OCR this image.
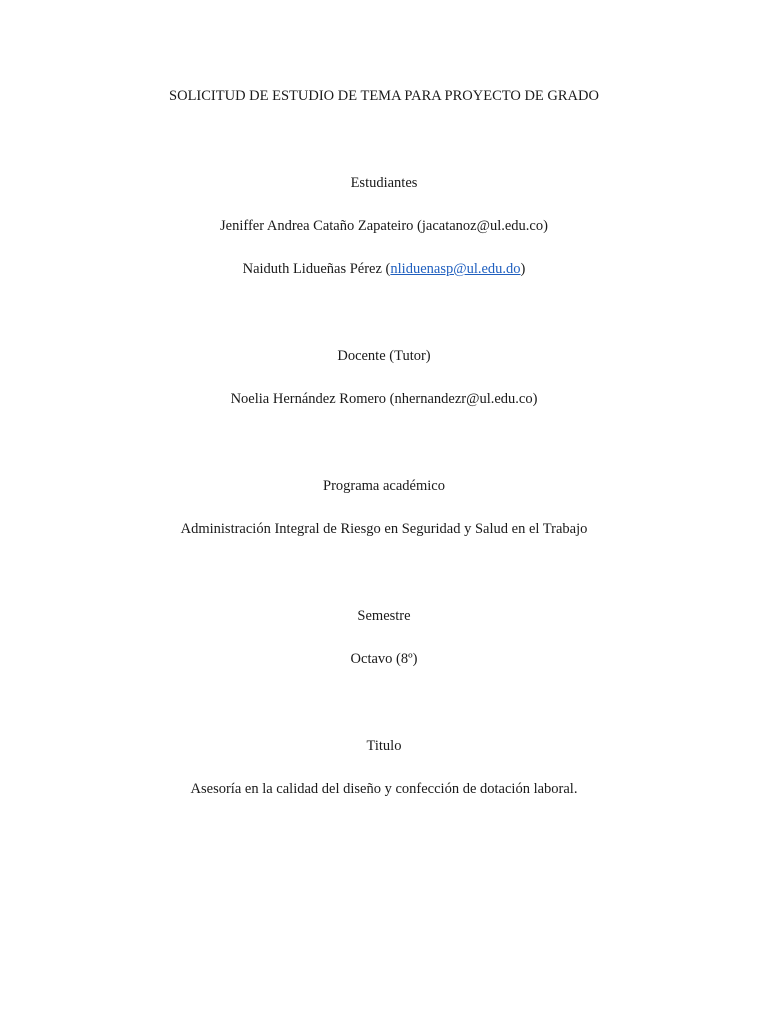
SOLICITUD DE ESTUDIO DE TEMA PARA PROYECTO DE GRADO
Estudiantes
Jeniffer Andrea Cataño Zapateiro (jacatanoz@ul.edu.co)
Naiduth Lidueñas Pérez (nliduenasp@ul.edu.do)
Docente (Tutor)
Noelia Hernández Romero (nhernandezr@ul.edu.co)
Programa académico
Administración Integral de Riesgo en Seguridad y Salud en el Trabajo
Semestre
Octavo (8º)
Titulo
Asesoría en la calidad del diseño y confección de dotación laboral.
